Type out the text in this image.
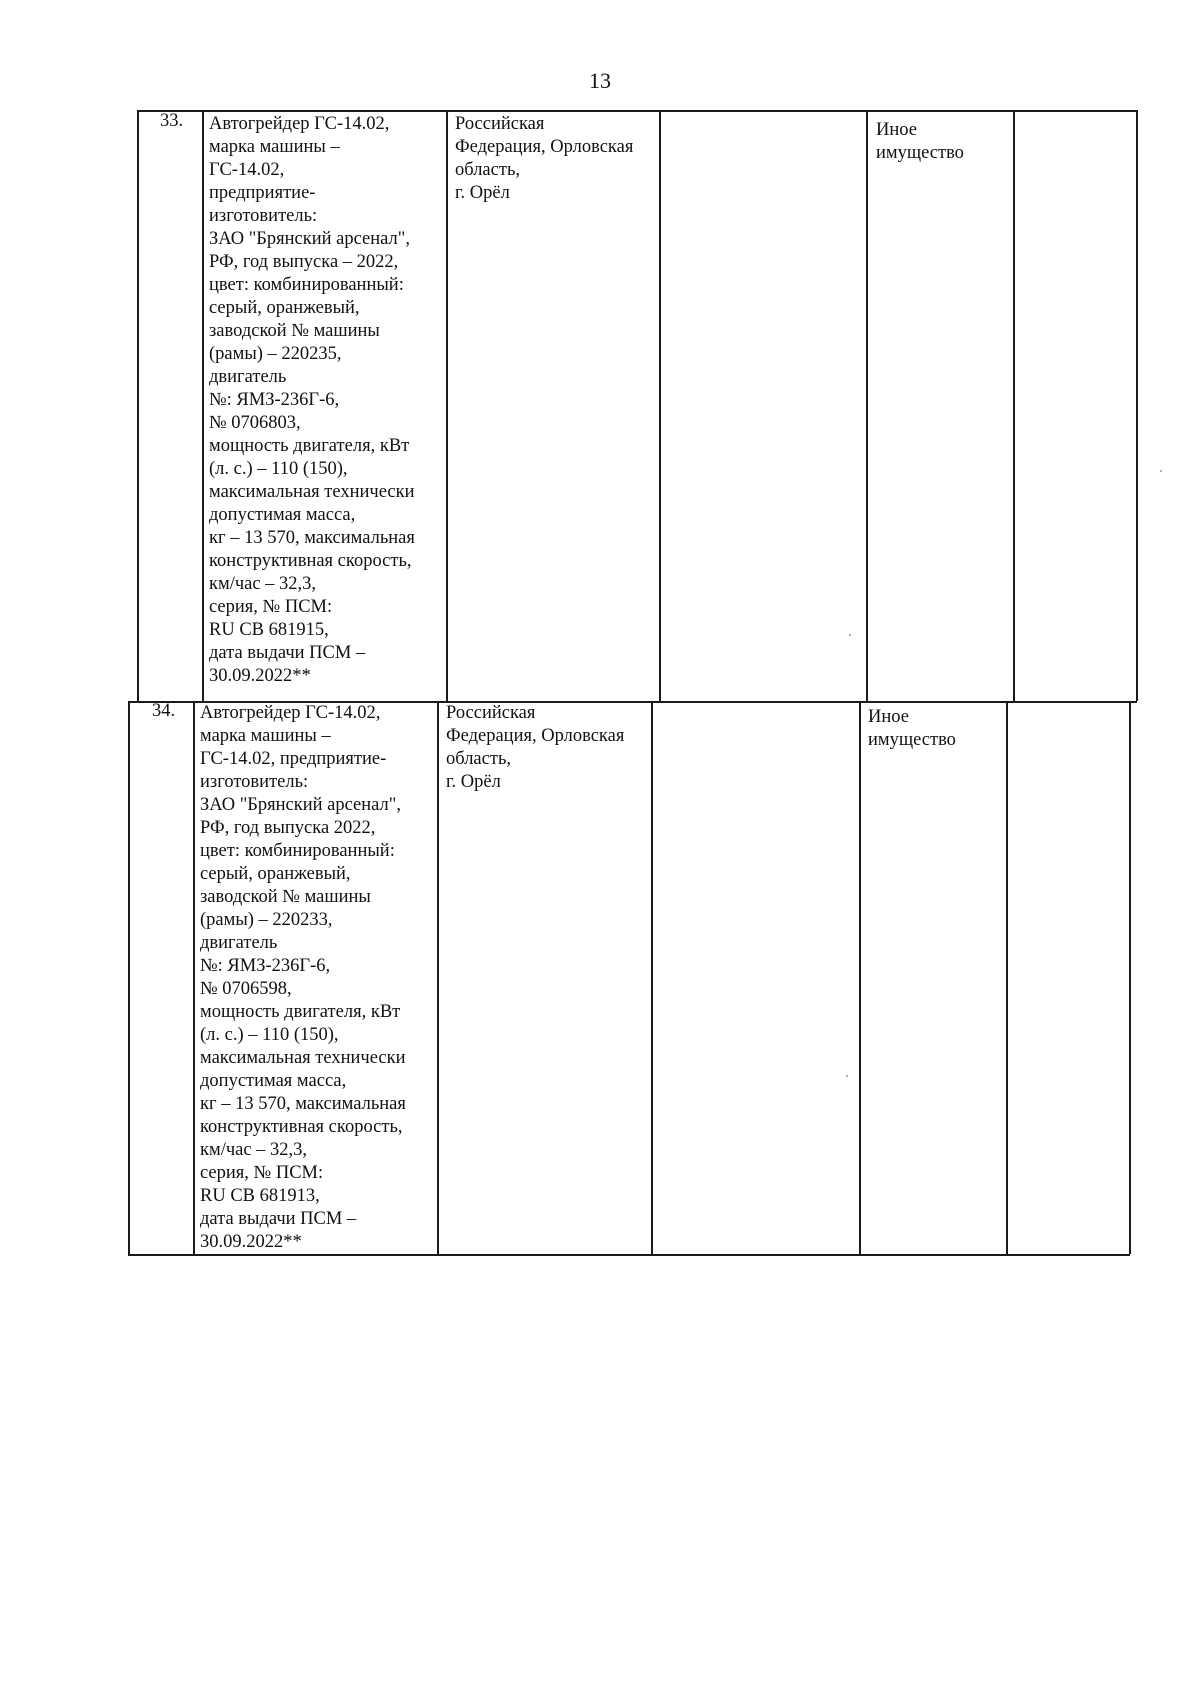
13
33. Автогрейдер ГС-14.02,
марка машины –
ГС-14.02,
предприятие-
изготовитель:
ЗАО "Брянский арсенал",
РФ, год выпуска – 2022,
цвет: комбинированный:
серый, оранжевый,
заводской № машины
(рамы) – 220235,
двигатель
№: ЯМЗ-236Г-6,
№ 0706803,
мощность двигателя, кВт
(л. с.) – 110 (150),
максимальная технически
допустимая масса,
кг – 13 570, максимальная
конструктивная скорость,
км/час – 32,3,
серия, № ПСМ:
RU СВ 681915,
дата выдачи ПСМ –
30.09.2022**
Российская
Федерация, Орловская
область,
г. Орёл
Иное
имущество
34. Автогрейдер ГС-14.02,
марка машины –
ГС-14.02, предприятие-
изготовитель:
ЗАО "Брянский арсенал",
РФ, год выпуска 2022,
цвет: комбинированный:
серый, оранжевый,
заводской № машины
(рамы) – 220233,
двигатель
№: ЯМЗ-236Г-6,
№ 0706598,
мощность двигателя, кВт
(л. с.) – 110 (150),
максимальная технически
допустимая масса,
кг – 13 570, максимальная
конструктивная скорость,
км/час – 32,3,
серия, № ПСМ:
RU СВ 681913,
дата выдачи ПСМ –
30.09.2022**
Российская
Федерация, Орловская
область,
г. Орёл
Иное
имущество
